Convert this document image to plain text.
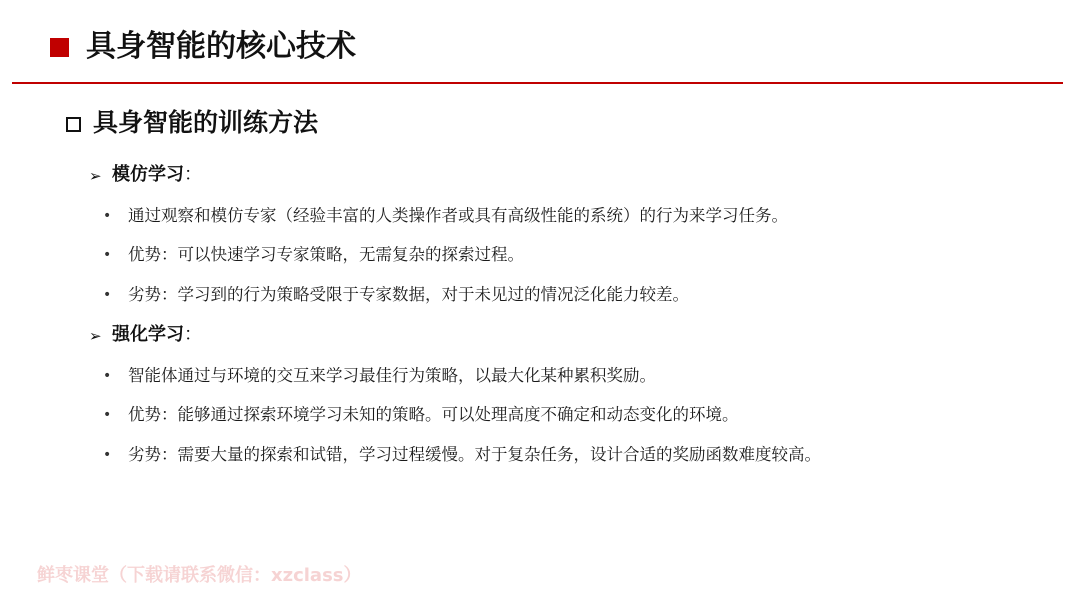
具身智能的核心技术
具身智能的训练方法
➢ 模仿学习：
• 通过观察和模仿专家（经验丰富的人类操作者或具有高级性能的系统）的行为来学习任务。
• 优势：可以快速学习专家策略，无需复杂的探索过程。
• 劣势：学习到的行为策略受限于专家数据，对于未见过的情况泛化能力较差。
➢ 强化学习：
• 智能体通过与环境的交互来学习最佳行为策略，以最大化某种累积奖励。
• 优势：能够通过探索环境学习未知的策略。可以处理高度不确定和动态变化的环境。
• 劣势：需要大量的探索和试错，学习过程缓慢。对于复杂任务，设计合适的奖励函数难度较高。
鲜枣课堂（下载请联系微信：xzclass）
